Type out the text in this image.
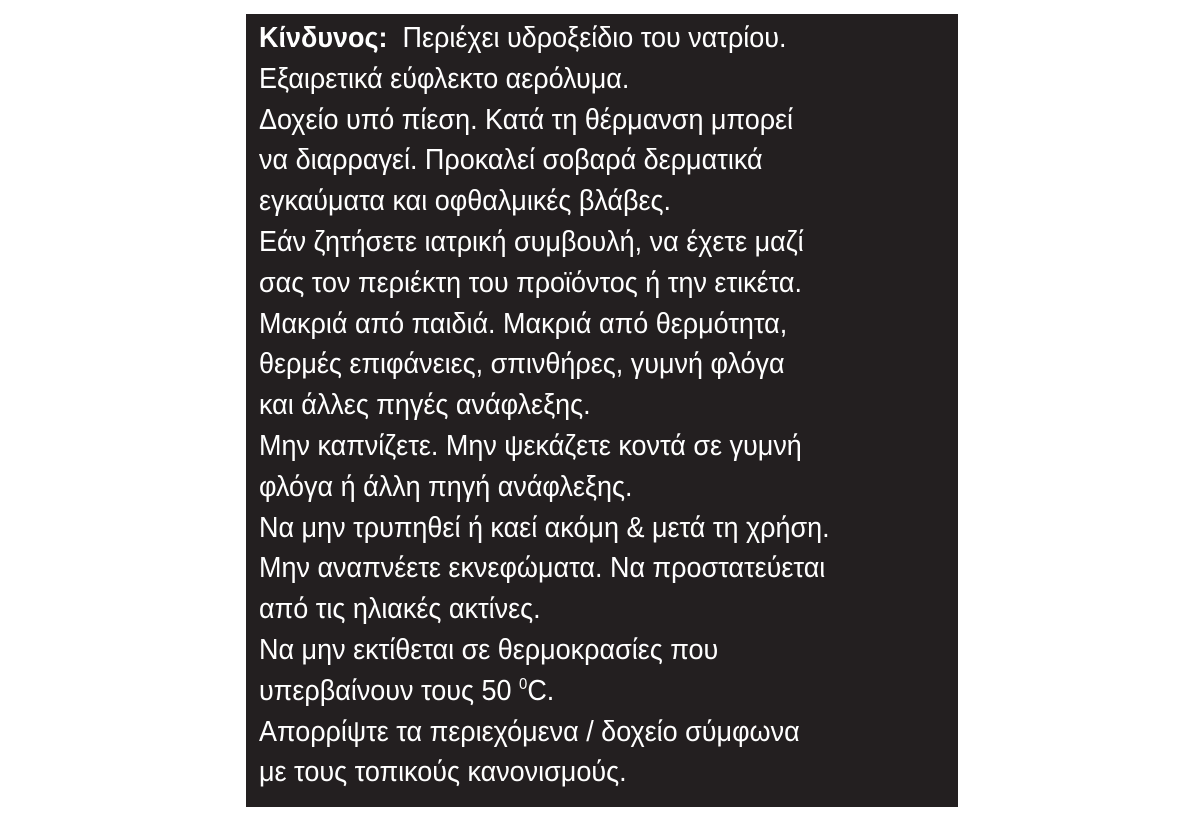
Κίνδυνος:  Περιέχει υδροξείδιο του νατρίου.
Εξαιρετικά εύφλεκτο αερόλυμα.
Δοχείο υπό πίεση. Κατά τη θέρμανση μπορεί
να διαρραγεί. Προκαλεί σοβαρά δερματικά
εγκαύματα και οφθαλμικές βλάβες.
Εάν ζητήσετε ιατρική συμβουλή, να έχετε μαζί
σας τον περιέκτη του προϊόντος ή την ετικέτα.
Μακριά από παιδιά. Μακριά από θερμότητα,
θερμές επιφάνειες, σπινθήρες, γυμνή φλόγα
και άλλες πηγές ανάφλεξης.
Μην καπνίζετε. Μην ψεκάζετε κοντά σε γυμνή
φλόγα ή άλλη πηγή ανάφλεξης.
Να μην τρυπηθεί ή καεί ακόμη & μετά τη χρήση.
Μην αναπνέετε εκνεφώματα. Να προστατεύεται
από τις ηλιακές ακτίνες.
Να μην εκτίθεται σε θερμοκρασίες που
υπερβαίνουν τους 50 $^0$C.
Απορρίψτε τα περιεχόμενα / δοχείο σύμφωνα
με τους τοπικούς κανονισμούς.
